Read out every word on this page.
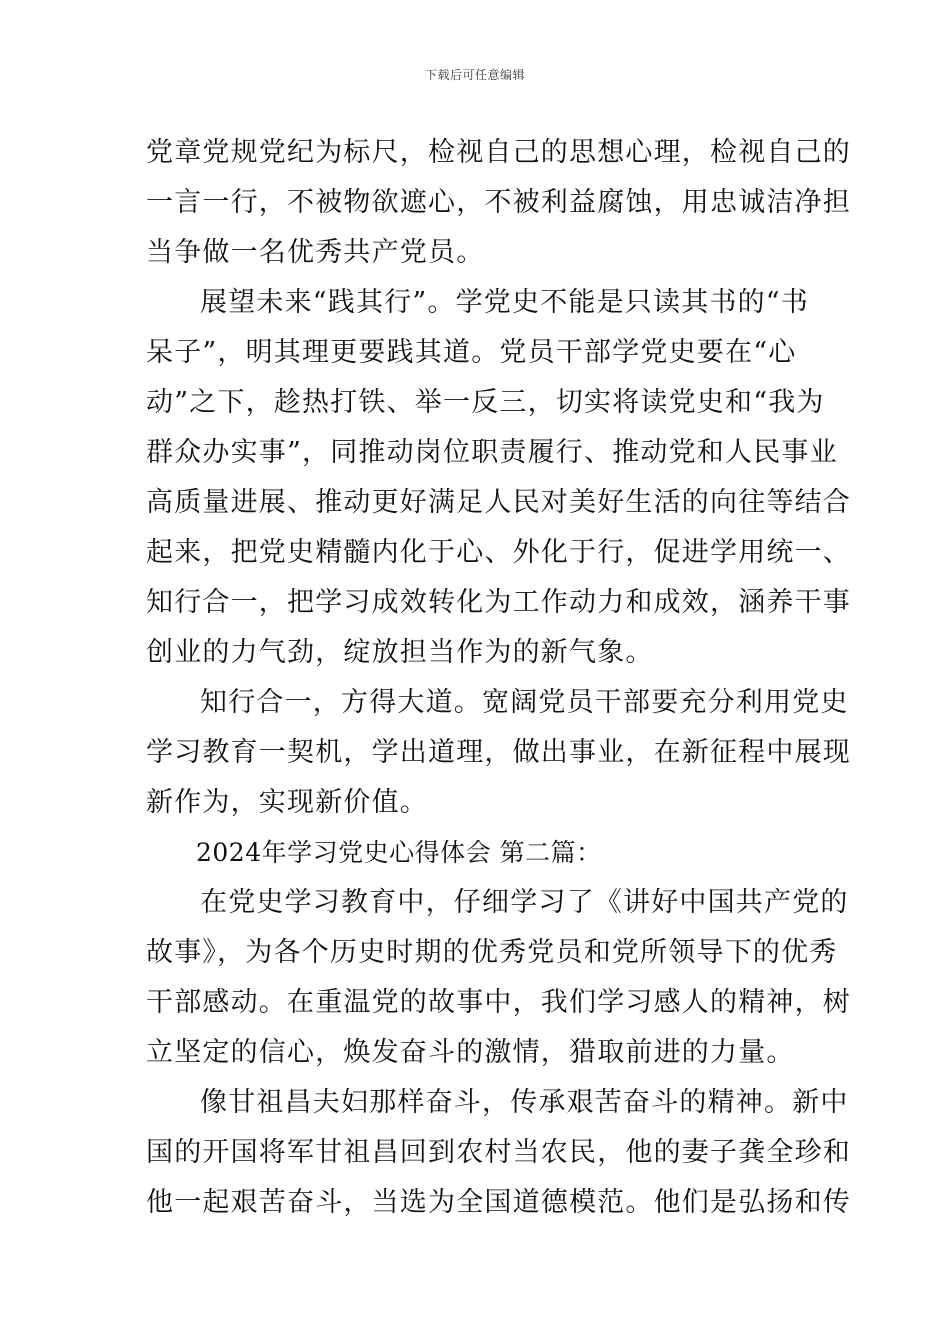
下载后可任意编辑
党章党规党纪为标尺，检视自己的思想心理，检视自己的
一言一行，不被物欲遮心，不被利益腐蚀，用忠诚洁净担
当争做一名优秀共产党员。
展望未来“践其行”。学党史不能是只读其书的“书
呆子”，明其理更要践其道。党员干部学党史要在“心
动”之下，趁热打铁、举一反三，切实将读党史和“我为
群众办实事”，同推动岗位职责履行、推动党和人民事业
高质量进展、推动更好满足人民对美好生活的向往等结合
起来，把党史精髓内化于心、外化于行，促进学用统一、
知行合一，把学习成效转化为工作动力和成效，涵养干事
创业的力气劲，绽放担当作为的新气象。
知行合一，方得大道。宽阔党员干部要充分利用党史
学习教育一契机，学出道理，做出事业，在新征程中展现
新作为，实现新价值。
2024年学习党史心得体会 第二篇：
在党史学习教育中，仔细学习了《讲好中国共产党的
故事》，为各个历史时期的优秀党员和党所领导下的优秀
干部感动。在重温党的故事中，我们学习感人的精神，树
立坚定的信心，焕发奋斗的激情，猎取前进的力量。
像甘祖昌夫妇那样奋斗，传承艰苦奋斗的精神。新中
国的开国将军甘祖昌回到农村当农民，他的妻子龚全珍和
他一起艰苦奋斗，当选为全国道德模范。他们是弘扬和传
